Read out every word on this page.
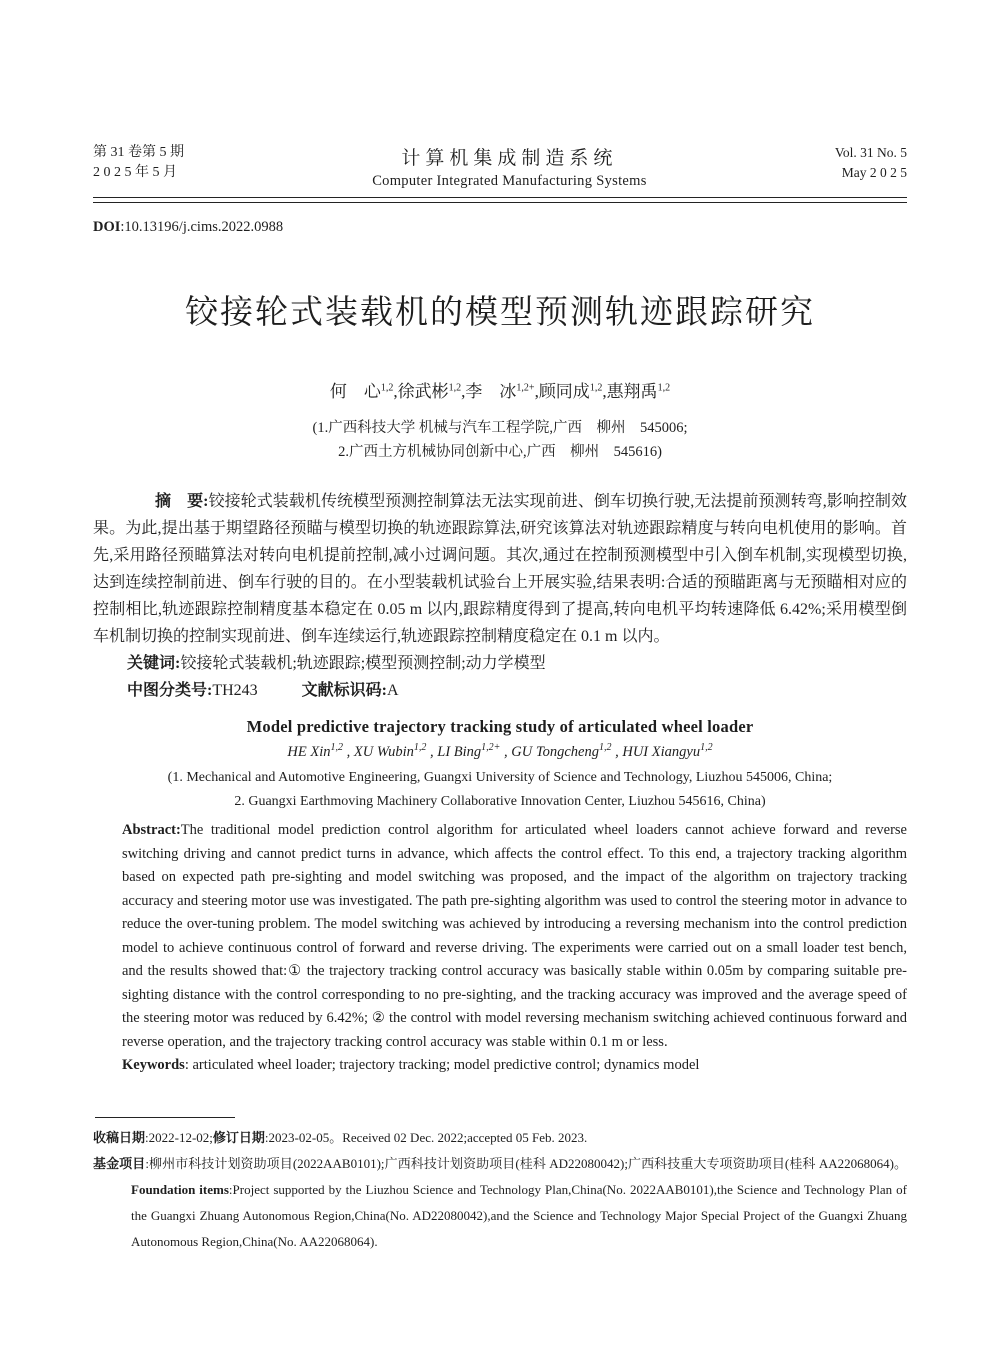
第 31 卷第 5 期
2 0 2 5 年 5 月
计算机集成制造系统
Computer Integrated Manufacturing Systems
Vol. 31 No. 5
May 2 0 2 5
DOI:10.13196/j.cims.2022.0988
铰接轮式装载机的模型预测轨迹跟踪研究
何　心$^{1,2}$,徐武彬$^{1,2}$,李　冰$^{1,2+}$,顾同成$^{1,2}$,惠翔禹$^{1,2}$
(1.广西科技大学 机械与汽车工程学院,广西　柳州　545006;
2.广西土方机械协同创新中心,广西　柳州　545616)

摘　要:铰接轮式装载机传统模型预测控制算法无法实现前进、倒车切换行驶,无法提前预测转弯,影响控制效果。为此,提出基于期望路径预瞄与模型切换的轨迹跟踪算法,研究该算法对轨迹跟踪精度与转向电机使用的影响。首先,采用路径预瞄算法对转向电机提前控制,减小过调问题。其次,通过在控制预测模型中引入倒车机制,实现模型切换,达到连续控制前进、倒车行驶的目的。在小型装载机试验台上开展实验,结果表明:合适的预瞄距离与无预瞄相对应的控制相比,轨迹跟踪控制精度基本稳定在 0.05 m 以内,跟踪精度得到了提高,转向电机平均转速降低 6.42%;采用模型倒车机制切换的控制实现前进、倒车连续运行,轨迹跟踪控制精度稳定在 0.1 m 以内。

关键词:铰接轮式装载机;轨迹跟踪;模型预测控制;动力学模型

中图分类号:TH243	文献标识码:A

Model predictive trajectory tracking study of articulated wheel loader
HE Xin$^{1,2}$ , XU Wubin$^{1,2}$ , LI Bing$^{1,2+}$ , GU Tongcheng$^{1,2}$ , HUI Xiangyu$^{1,2}$
(1. Mechanical and Automotive Engineering, Guangxi University of Science and Technology, Liuzhou 545006, China;
2. Guangxi Earthmoving Machinery Collaborative Innovation Center, Liuzhou 545616, China)

Abstract:The traditional model prediction control algorithm for articulated wheel loaders cannot achieve forward and reverse switching driving and cannot predict turns in advance, which affects the control effect. To this end, a trajectory tracking algorithm based on expected path pre-sighting and model switching was proposed, and the impact of the algorithm on trajectory tracking accuracy and steering motor use was investigated. The path pre-sighting algorithm was used to control the steering motor in advance to reduce the over-tuning problem. The model switching was achieved by introducing a reversing mechanism into the control prediction model to achieve continuous control of forward and reverse driving. The experiments were carried out on a small loader test bench, and the results showed that:① the trajectory tracking control accuracy was basically stable within 0.05m by comparing suitable pre-sighting distance with the control corresponding to no pre-sighting, and the tracking accuracy was improved and the average speed of the steering motor was reduced by 6.42%; ② the control with model reversing mechanism switching achieved continuous forward and reverse operation, and the trajectory tracking control accuracy was stable within 0.1 m or less.

Keywords: articulated wheel loader; trajectory tracking; model predictive control; dynamics model

收稿日期:2022-12-02;修订日期:2023-02-05。Received 02 Dec. 2022;accepted 05 Feb. 2023.

基金项目:柳州市科技计划资助项目(2022AAB0101);广西科技计划资助项目(桂科 AD22080042);广西科技重大专项资助项目(桂科 AA22068064)。Foundation items:Project supported by the Liuzhou Science and Technology Plan,China(No. 2022AAB0101),the Science and Technology Plan of the Guangxi Zhuang Autonomous Region,China(No. AD22080042),and the Science and Technology Major Special Project of the Guangxi Zhuang Autonomous Region,China(No. AA22068064).
